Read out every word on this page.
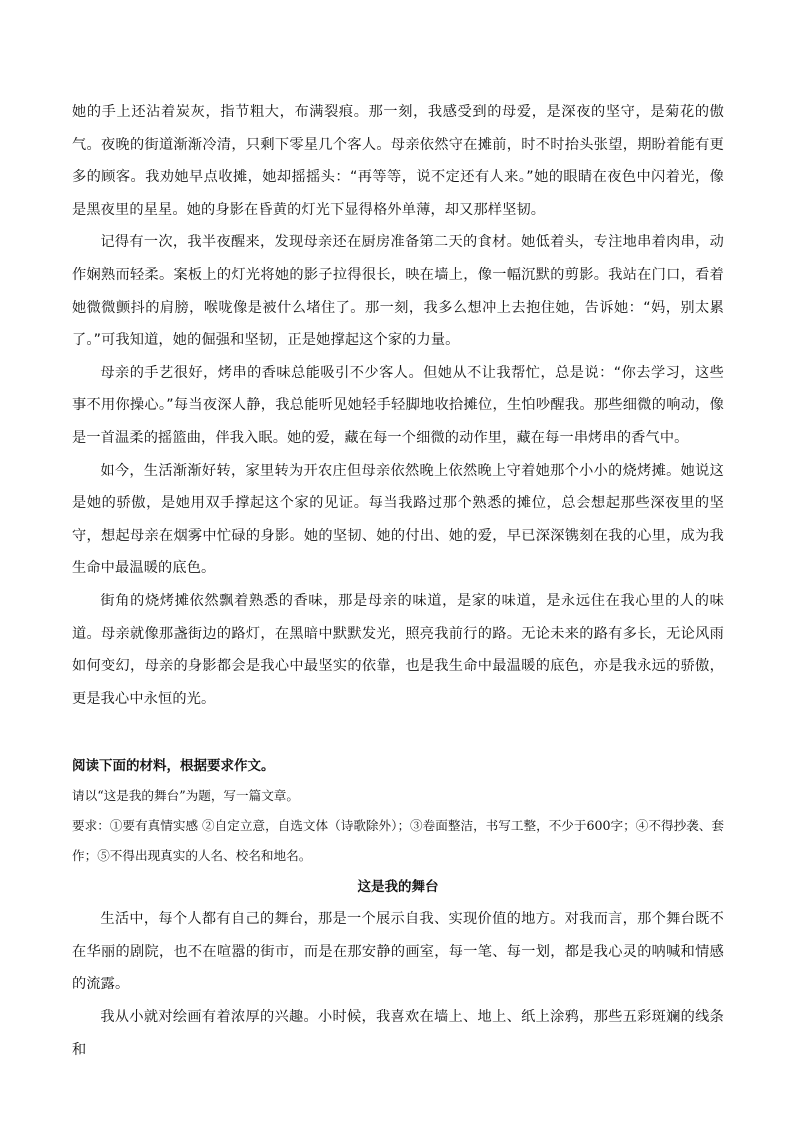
她的手上还沾着炭灰，指节粗大，布满裂痕。那一刻，我感受到的母爱，是深夜的坚守，是菊花的傲气。夜晚的街道渐渐冷清，只剩下零星几个客人。母亲依然守在摊前，时不时抬头张望，期盼着能有更多的顾客。我劝她早点收摊，她却摇摇头：“再等等，说不定还有人来。”她的眼睛在夜色中闪着光，像是黑夜里的星星。她的身影在昏黄的灯光下显得格外单薄，却又那样坚韧。

记得有一次，我半夜醒来，发现母亲还在厨房准备第二天的食材。她低着头，专注地串着肉串，动作娴熟而轻柔。案板上的灯光将她的影子拉得很长，映在墙上，像一幅沉默的剪影。我站在门口，看着她微微颤抖的肩膀，喉咙像是被什么堵住了。那一刻，我多么想冲上去抱住她，告诉她：“妈，别太累了。”可我知道，她的倔强和坚韧，正是她撑起这个家的力量。

母亲的手艺很好，烤串的香味总能吸引不少客人。但她从不让我帮忙，总是说：“你去学习，这些事不用你操心。”每当夜深人静，我总能听见她轻手轻脚地收拾摊位，生怕吵醒我。那些细微的响动，像是一首温柔的摇篮曲，伴我入眠。她的爱，藏在每一个细微的动作里，藏在每一串烤串的香气中。

如今，生活渐渐好转，家里转为开农庄但母亲依然晚上依然晚上守着她那个小小的烧烤摊。她说这是她的骄傲，是她用双手撑起这个家的见证。每当我路过那个熟悉的摊位，总会想起那些深夜里的坚守，想起母亲在烟雾中忙碌的身影。她的坚韧、她的付出、她的爱，早已深深镌刻在我的心里，成为我生命中最温暖的底色。

街角的烧烤摊依然飘着熟悉的香味，那是母亲的味道，是家的味道，是永远住在我心里的人的味道。母亲就像那盏街边的路灯，在黑暗中默默发光，照亮我前行的路。无论未来的路有多长，无论风雨如何变幻，母亲的身影都会是我心中最坚实的依靠，也是我生命中最温暖的底色，亦是我永远的骄傲，更是我心中永恒的光。

阅读下面的材料，根据要求作文。

请以“这是我的舞台”为题，写一篇文章。

要求：①要有真情实感 ②自定立意，自选文体（诗歌除外）；③卷面整洁，书写工整，不少于600字；④不得抄袭、套作；⑤不得出现真实的人名、校名和地名。

这是我的舞台

生活中，每个人都有自己的舞台，那是一个展示自我、实现价值的地方。对我而言，那个舞台既不在华丽的剧院，也不在喧嚣的街市，而是在那安静的画室，每一笔、每一划，都是我心灵的呐喊和情感的流露。

我从小就对绘画有着浓厚的兴趣。小时候，我喜欢在墙上、地上、纸上涂鸦，那些五彩斑斓的线条和
